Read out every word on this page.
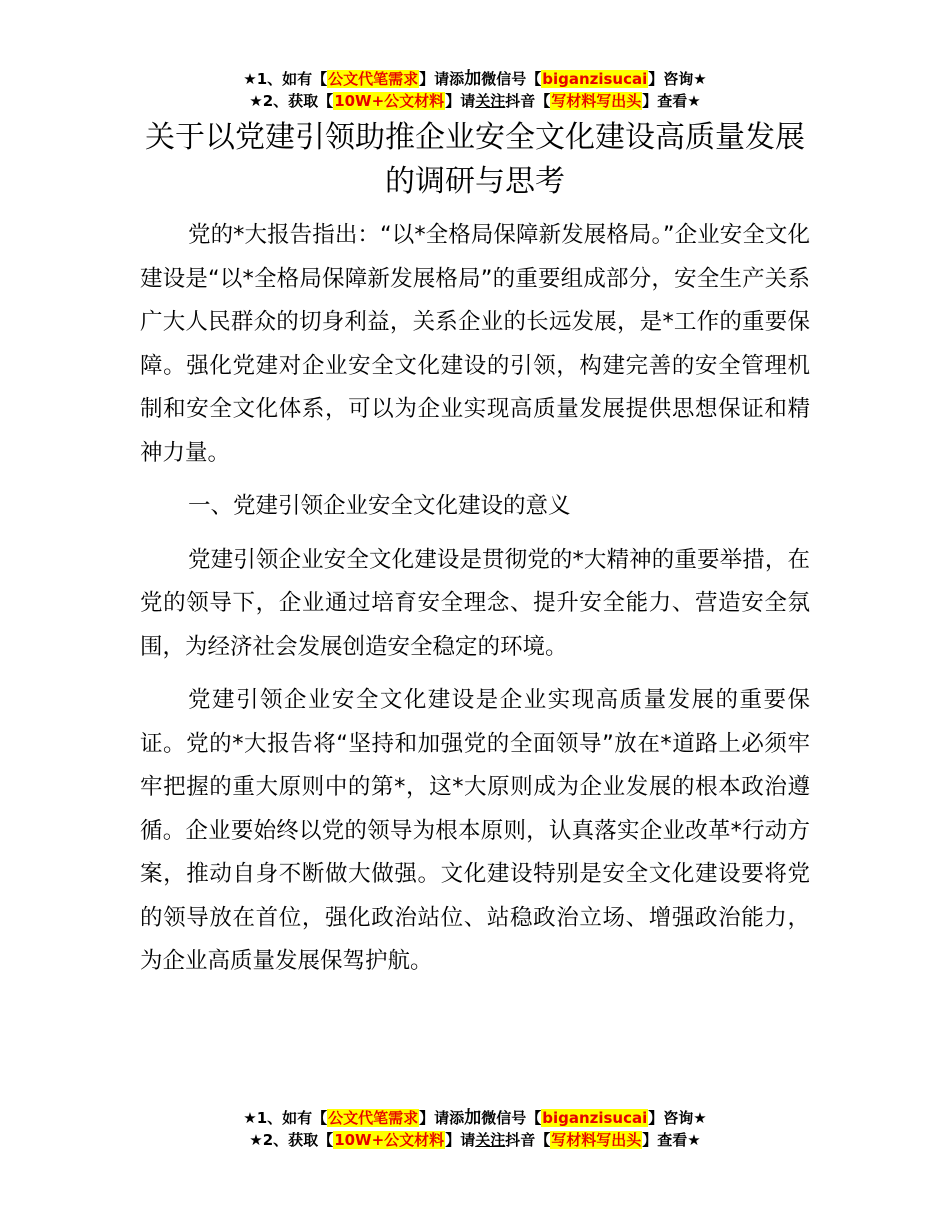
★1、如有【公文代笔需求】请添加微信号【biganzisucai】咨询★
★2、获取【10W+公文材料】请关注抖音【写材料写出头】查看★
关于以党建引领助推企业安全文化建设高质量发展的调研与思考

党的*大报告指出：“以*全格局保障新发展格局。”企业安全文化建设是“以*全格局保障新发展格局”的重要组成部分，安全生产关系广大人民群众的切身利益，关系企业的长远发展，是*工作的重要保障。强化党建对企业安全文化建设的引领，构建完善的安全管理机制和安全文化体系，可以为企业实现高质量发展提供思想保证和精神力量。

一、党建引领企业安全文化建设的意义

党建引领企业安全文化建设是贯彻党的*大精神的重要举措，在党的领导下，企业通过培育安全理念、提升安全能力、营造安全氛围，为经济社会发展创造安全稳定的环境。

党建引领企业安全文化建设是企业实现高质量发展的重要保证。党的*大报告将“坚持和加强党的全面领导”放在*道路上必须牢牢把握的重大原则中的第*，这*大原则成为企业发展的根本政治遵循。企业要始终以党的领导为根本原则，认真落实企业改革*行动方案，推动自身不断做大做强。文化建设特别是安全文化建设要将党的领导放在首位，强化政治站位、站稳政治立场、增强政治能力，为企业高质量发展保驾护航。

★1、如有【公文代笔需求】请添加微信号【biganzisucai】咨询★
★2、获取【10W+公文材料】请关注抖音【写材料写出头】查看★
